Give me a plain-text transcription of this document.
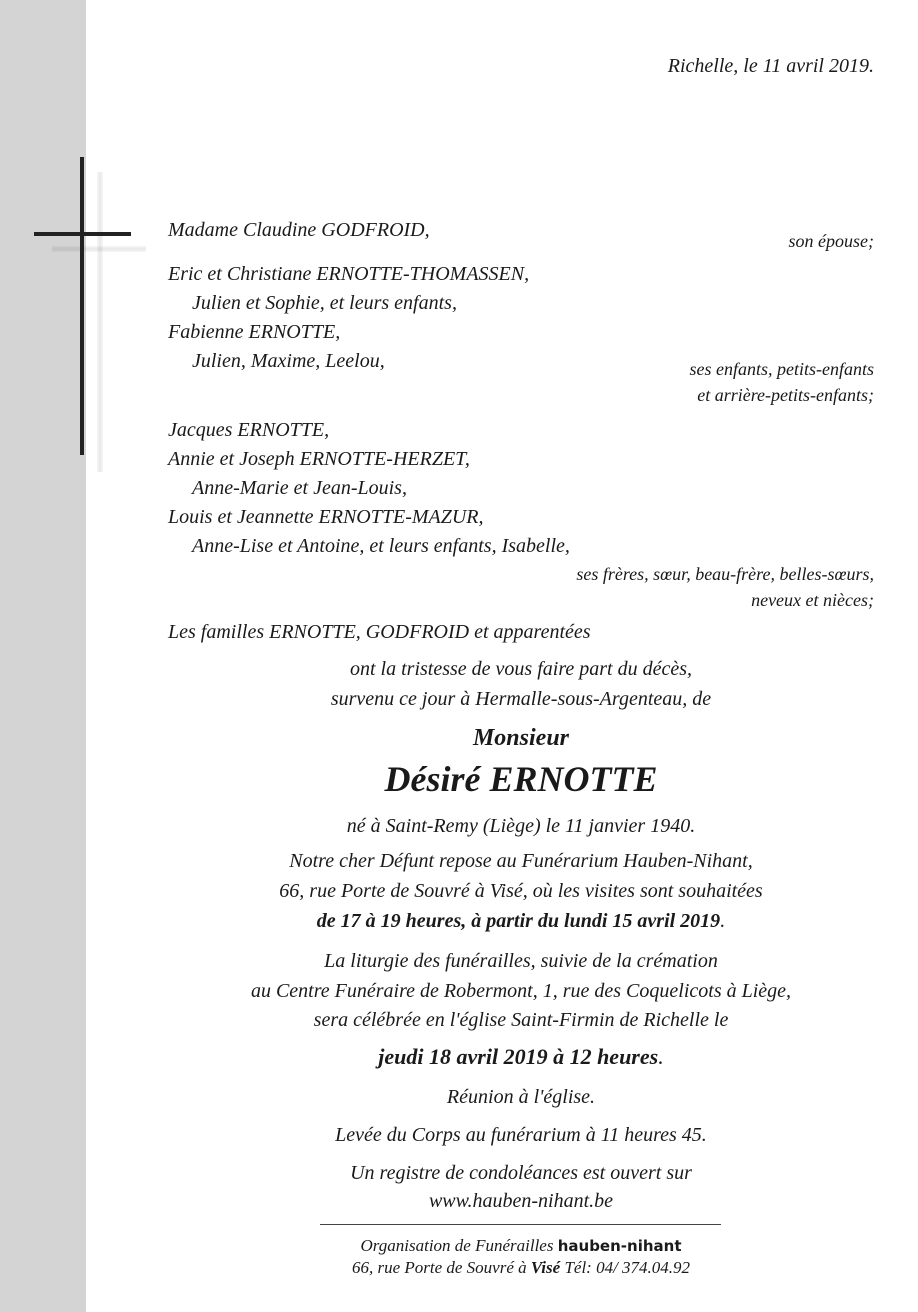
Richelle, le 11 avril 2019.
Madame Claudine GODFROID,	son épouse;
Eric et Christiane ERNOTTE-THOMASSEN,
Julien et Sophie, et leurs enfants,
Fabienne ERNOTTE,
Julien, Maxime, Leelou,	ses enfants, petits-enfants
et arrière-petits-enfants;
Jacques ERNOTTE,
Annie et Joseph ERNOTTE-HERZET,
Anne-Marie et Jean-Louis,
Louis et Jeannette ERNOTTE-MAZUR,
Anne-Lise et Antoine, et leurs enfants, Isabelle,
ses frères, sœur, beau-frère, belles-sœurs,
neveux et nièces;
Les familles ERNOTTE, GODFROID et apparentées
ont la tristesse de vous faire part du décès,
survenu ce jour à Hermalle-sous-Argenteau, de
Monsieur
Désiré ERNOTTE
né à Saint-Remy (Liège) le 11 janvier 1940.
Notre cher Défunt repose au Funérarium Hauben-Nihant,
66, rue Porte de Souvré à Visé, où les visites sont souhaitées
de 17 à 19 heures, à partir du lundi 15 avril 2019.
La liturgie des funérailles, suivie de la crémation
au Centre Funéraire de Robermont, 1, rue des Coquelicots à Liège,
sera célébrée en l'église Saint-Firmin de Richelle le
jeudi 18 avril 2019 à 12 heures.
Réunion à l'église.
Levée du Corps au funérarium à 11 heures 45.
Un registre de condoléances est ouvert sur
www.hauben-nihant.be
Organisation de Funérailles hauben-nihant
66, rue Porte de Souvré à Visé Tél: 04/ 374.04.92
